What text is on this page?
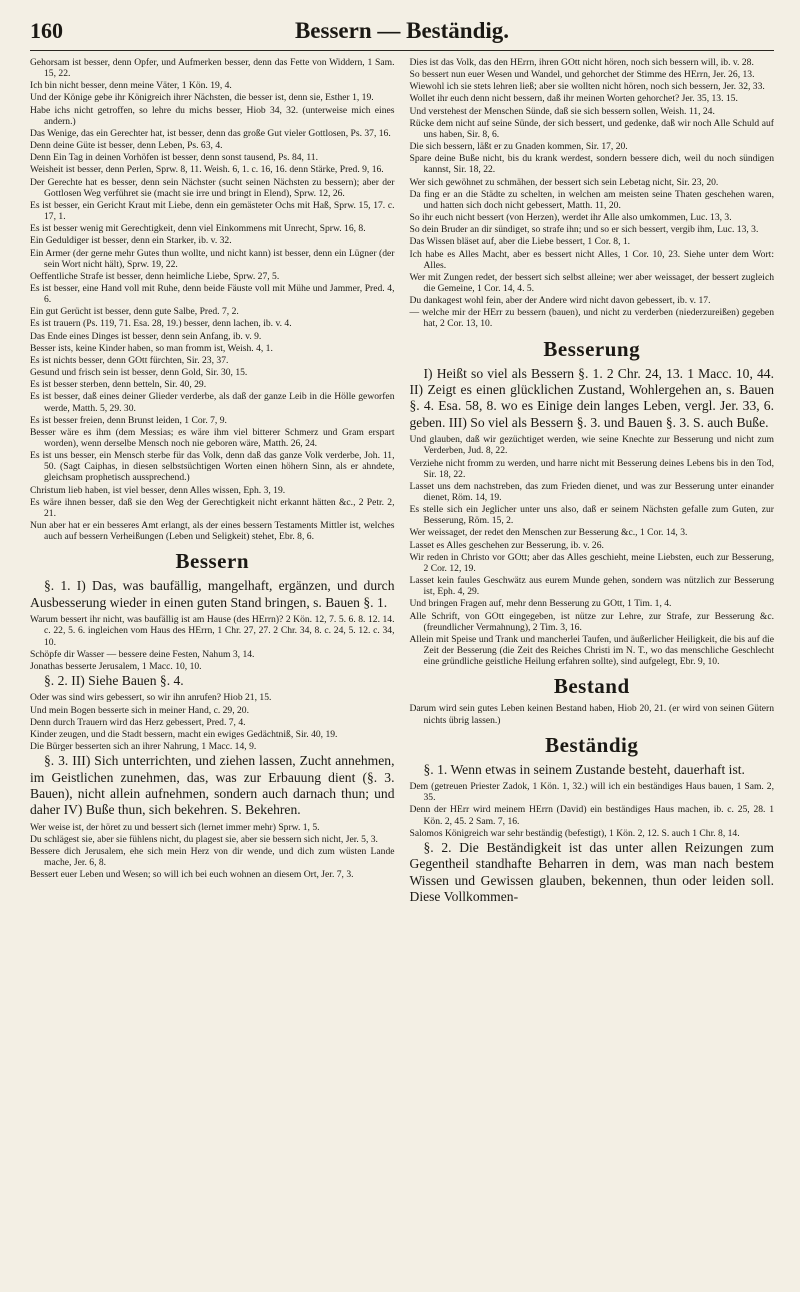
160	Bessern — Beständig.

Gehorsam ist besser, denn Opfer, und Aufmerken besser, denn das Fette von Widdern, 1 Sam. 15, 22.

Ich bin nicht besser, denn meine Väter, 1 Kön. 19, 4.

Und der Könige gebe ihr Königreich ihrer Nächsten, die besser ist, denn sie, Esther 1, 19.

Habe ichs nicht getroffen, so lehre du michs besser, Hiob 34, 32. (unterweise mich eines andern.)

Das Wenige, das ein Gerechter hat, ist besser, denn das große Gut vieler Gottlosen, Ps. 37, 16.

Denn deine Güte ist besser, denn Leben, Ps. 63, 4.

Denn Ein Tag in deinen Vorhöfen ist besser, denn sonst tausend, Ps. 84, 11.

Weisheit ist besser, denn Perlen, Sprw. 8, 11. Weish. 6, 1. c. 16, 16. denn Stärke, Pred. 9, 16.

Der Gerechte hat es besser, denn sein Nächster (sucht seinen Nächsten zu bessern); aber der Gottlosen Weg verführet sie (macht sie irre und bringt in Elend), Sprw. 12, 26.

Es ist besser, ein Gericht Kraut mit Liebe, denn ein gemästeter Ochs mit Haß, Sprw. 15, 17. c. 17, 1.

Es ist besser wenig mit Gerechtigkeit, denn viel Einkommens mit Unrecht, Sprw. 16, 8.

Ein Geduldiger ist besser, denn ein Starker, ib. v. 32.

Ein Armer (der gerne mehr Gutes thun wollte, und nicht kann) ist besser, denn ein Lügner (der sein Wort nicht hält), Sprw. 19, 22.

Oeffentliche Strafe ist besser, denn heimliche Liebe, Sprw. 27, 5.

Es ist besser, eine Hand voll mit Ruhe, denn beide Fäuste voll mit Mühe und Jammer, Pred. 4, 6.

Ein gut Gerücht ist besser, denn gute Salbe, Pred. 7, 2.

Es ist trauern (Ps. 119, 71. Esa. 28, 19.) besser, denn lachen, ib. v. 4.

Das Ende eines Dinges ist besser, denn sein Anfang, ib. v. 9.

Besser ists, keine Kinder haben, so man fromm ist, Weish. 4, 1.

Es ist nichts besser, denn GOtt fürchten, Sir. 23, 37.

Gesund und frisch sein ist besser, denn Gold, Sir. 30, 15.

Es ist besser sterben, denn betteln, Sir. 40, 29.

Es ist besser, daß eines deiner Glieder verderbe, als daß der ganze Leib in die Hölle geworfen werde, Matth. 5, 29. 30.

Es ist besser freien, denn Brunst leiden, 1 Cor. 7, 9.

Besser wäre es ihm (dem Messias; es wäre ihm viel bitterer Schmerz und Gram erspart worden), wenn derselbe Mensch noch nie geboren wäre, Matth. 26, 24.

Es ist uns besser, ein Mensch sterbe für das Volk, denn daß das ganze Volk verderbe, Joh. 11, 50. (Sagt Caiphas, in diesen selbstsüchtigen Worten einen höhern Sinn, als er ahndete, gleichsam prophetisch aussprechend.)

Christum lieb haben, ist viel besser, denn Alles wissen, Eph. 3, 19.

Es wäre ihnen besser, daß sie den Weg der Gerechtigkeit nicht erkannt hätten &c., 2 Petr. 2, 21.

Nun aber hat er ein besseres Amt erlangt, als der eines bessern Testaments Mittler ist, welches auch auf bessern Verheißungen (Leben und Seligkeit) stehet, Ebr. 8, 6.

Bessern

§. 1. I) Das, was baufällig, mangelhaft, ergänzen, und durch Ausbesserung wieder in einen guten Stand bringen, s. Bauen §. 1.

Warum bessert ihr nicht, was baufällig ist am Hause (des HErrn)? 2 Kön. 12, 7. 5. 6. 8. 12. 14. c. 22, 5. 6. ingleichen vom Haus des HErrn, 1 Chr. 27, 27. 2 Chr. 34, 8. c. 24, 5. 12. c. 34, 10.

Schöpfe dir Wasser — bessere deine Festen, Nahum 3, 14.

Jonathas besserte Jerusalem, 1 Macc. 10, 10.

§. 2. II) Siehe Bauen §. 4.

Oder was sind wirs gebessert, so wir ihn anrufen? Hiob 21, 15.

Und mein Bogen besserte sich in meiner Hand, c. 29, 20.

Denn durch Trauern wird das Herz gebessert, Pred. 7, 4.

Kinder zeugen, und die Stadt bessern, macht ein ewiges Gedächtniß, Sir. 40, 19.

Die Bürger besserten sich an ihrer Nahrung, 1 Macc. 14, 9.

§. 3. III) Sich unterrichten, und ziehen lassen, Zucht annehmen, im Geistlichen zunehmen, das, was zur Erbauung dient (§. 3. Bauen), nicht allein aufnehmen, sondern auch darnach thun; und daher IV) Buße thun, sich bekehren. S. Bekehren.

Wer weise ist, der höret zu und bessert sich (lernet immer mehr) Sprw. 1, 5.

Du schlägest sie, aber sie fühlens nicht, du plagest sie, aber sie bessern sich nicht, Jer. 5, 3.

Bessere dich Jerusalem, ehe sich mein Herz von dir wende, und dich zum wüsten Lande mache, Jer. 6, 8.

Bessert euer Leben und Wesen; so will ich bei euch wohnen an diesem Ort, Jer. 7, 3.

Dies ist das Volk, das den HErrn, ihren GOtt nicht hören, noch sich bessern will, ib. v. 28.

So bessert nun euer Wesen und Wandel, und gehorchet der Stimme des HErrn, Jer. 26, 13.

Wiewohl ich sie stets lehren ließ; aber sie wollten nicht hören, noch sich bessern, Jer. 32, 33.

Wollet ihr euch denn nicht bessern, daß ihr meinen Worten gehorchet? Jer. 35, 13. 15.

Und verstehest der Menschen Sünde, daß sie sich bessern sollen, Weish. 11, 24.

Rücke dem nicht auf seine Sünde, der sich bessert, und gedenke, daß wir noch Alle Schuld auf uns haben, Sir. 8, 6.

Die sich bessern, läßt er zu Gnaden kommen, Sir. 17, 20.

Spare deine Buße nicht, bis du krank werdest, sondern bessere dich, weil du noch sündigen kannst, Sir. 18, 22.

Wer sich gewöhnet zu schmähen, der bessert sich sein Lebetag nicht, Sir. 23, 20.

Da fing er an die Städte zu schelten, in welchen am meisten seine Thaten geschehen waren, und hatten sich doch nicht gebessert, Matth. 11, 20.

So ihr euch nicht bessert (von Herzen), werdet ihr Alle also umkommen, Luc. 13, 3.

So dein Bruder an dir sündiget, so strafe ihn; und so er sich bessert, vergib ihm, Luc. 13, 3.

Das Wissen bläset auf, aber die Liebe bessert, 1 Cor. 8, 1.

Ich habe es Alles Macht, aber es bessert nicht Alles, 1 Cor. 10, 23. Siehe unter dem Wort: Alles.

Wer mit Zungen redet, der bessert sich selbst alleine; wer aber weissaget, der bessert zugleich die Gemeine, 1 Cor. 14, 4. 5.

Du dankagest wohl fein, aber der Andere wird nicht davon gebessert, ib. v. 17.

— welche mir der HErr zu bessern (bauen), und nicht zu verderben (niederzureißen) gegeben hat, 2 Cor. 13, 10.

Besserung

I) Heißt so viel als Bessern §. 1. 2 Chr. 24, 13. 1 Macc. 10, 44. II) Zeigt es einen glücklichen Zustand, Wohlergehen an, s. Bauen §. 4. Esa. 58, 8. wo es Einige dein langes Leben, vergl. Jer. 33, 6. geben. III) So viel als Bessern §. 3. und Bauen §. 3. S. auch Buße.

Und glauben, daß wir gezüchtiget werden, wie seine Knechte zur Besserung und nicht zum Verderben, Jud. 8, 22.

Verziehe nicht fromm zu werden, und harre nicht mit Besserung deines Lebens bis in den Tod, Sir. 18, 22.

Lasset uns dem nachstreben, das zum Frieden dienet, und was zur Besserung unter einander dienet, Röm. 14, 19.

Es stelle sich ein Jeglicher unter uns also, daß er seinem Nächsten gefalle zum Guten, zur Besserung, Röm. 15, 2.

Wer weissaget, der redet den Menschen zur Besserung &c., 1 Cor. 14, 3.

Lasset es Alles geschehen zur Besserung, ib. v. 26.

Wir reden in Christo vor GOtt; aber das Alles geschieht, meine Liebsten, euch zur Besserung, 2 Cor. 12, 19.

Lasset kein faules Geschwätz aus eurem Munde gehen, sondern was nützlich zur Besserung ist, Eph. 4, 29.

Und bringen Fragen auf, mehr denn Besserung zu GOtt, 1 Tim. 1, 4.

Alle Schrift, von GOtt eingegeben, ist nütze zur Lehre, zur Strafe, zur Besserung &c. (freundlicher Vermahnung), 2 Tim. 3, 16.

Allein mit Speise und Trank und mancherlei Taufen, und äußerlicher Heiligkeit, die bis auf die Zeit der Besserung (die Zeit des Reiches Christi im N. T., wo das menschliche Geschlecht eine gründliche geistliche Heilung erfahren sollte), sind aufgelegt, Ebr. 9, 10.

Bestand

Darum wird sein gutes Leben keinen Bestand haben, Hiob 20, 21. (er wird von seinen Gütern nichts übrig lassen.)

Beständig

§. 1. Wenn etwas in seinem Zustande besteht, dauerhaft ist.

Dem (getreuen Priester Zadok, 1 Kön. 1, 32.) will ich ein beständiges Haus bauen, 1 Sam. 2, 35.

Denn der HErr wird meinem HErrn (David) ein beständiges Haus machen, ib. c. 25, 28. 1 Kön. 2, 45. 2 Sam. 7, 16.

Salomos Königreich war sehr beständig (befestigt), 1 Kön. 2, 12. S. auch 1 Chr. 8, 14.

§. 2. Die Beständigkeit ist das unter allen Reizungen zum Gegentheil standhafte Beharren in dem, was man nach bestem Wissen und Gewissen glauben, bekennen, thun oder leiden soll. Diese Vollkommen-
